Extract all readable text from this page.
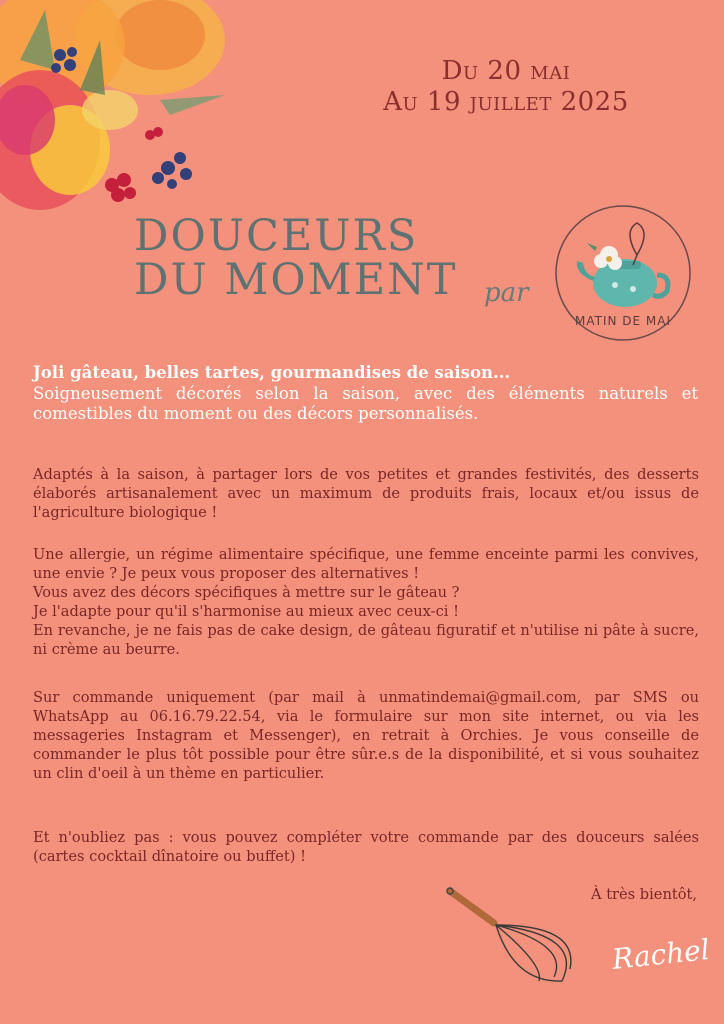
Du 20 mai
Au 19 juillet 2025
DOUCEURS
DU MOMENT par
MATIN DE MAI
Joli gâteau, belles tartes, gourmandises de saison...
Soigneusement décorés selon la saison, avec des éléments naturels et comestibles du moment ou des décors personnalisés.
Adaptés à la saison, à partager lors de vos petites et grandes festivités, des desserts élaborés artisanalement avec un maximum de produits frais, locaux et/ou issus de l'agriculture biologique !
Une allergie, un régime alimentaire spécifique, une femme enceinte parmi les convives, une envie ? Je peux vous proposer des alternatives !
Vous avez des décors spécifiques à mettre sur le gâteau ?
Je l'adapte pour qu'il s'harmonise au mieux avec ceux-ci !
En revanche, je ne fais pas de cake design, de gâteau figuratif et n'utilise ni pâte à sucre, ni crème au beurre.
Sur commande uniquement (par mail à unmatindemai@gmail.com, par SMS ou WhatsApp au 06.16.79.22.54, via le formulaire sur mon site internet, ou via les messageries Instagram et Messenger), en retrait à Orchies. Je vous conseille de commander le plus tôt possible pour être sûr.e.s de la disponibilité, et si vous souhaitez un clin d'oeil à un thème en particulier.
Et n'oubliez pas : vous pouvez compléter votre commande par des douceurs salées (cartes cocktail dînatoire ou buffet) !
À très bientôt,
Rachel
